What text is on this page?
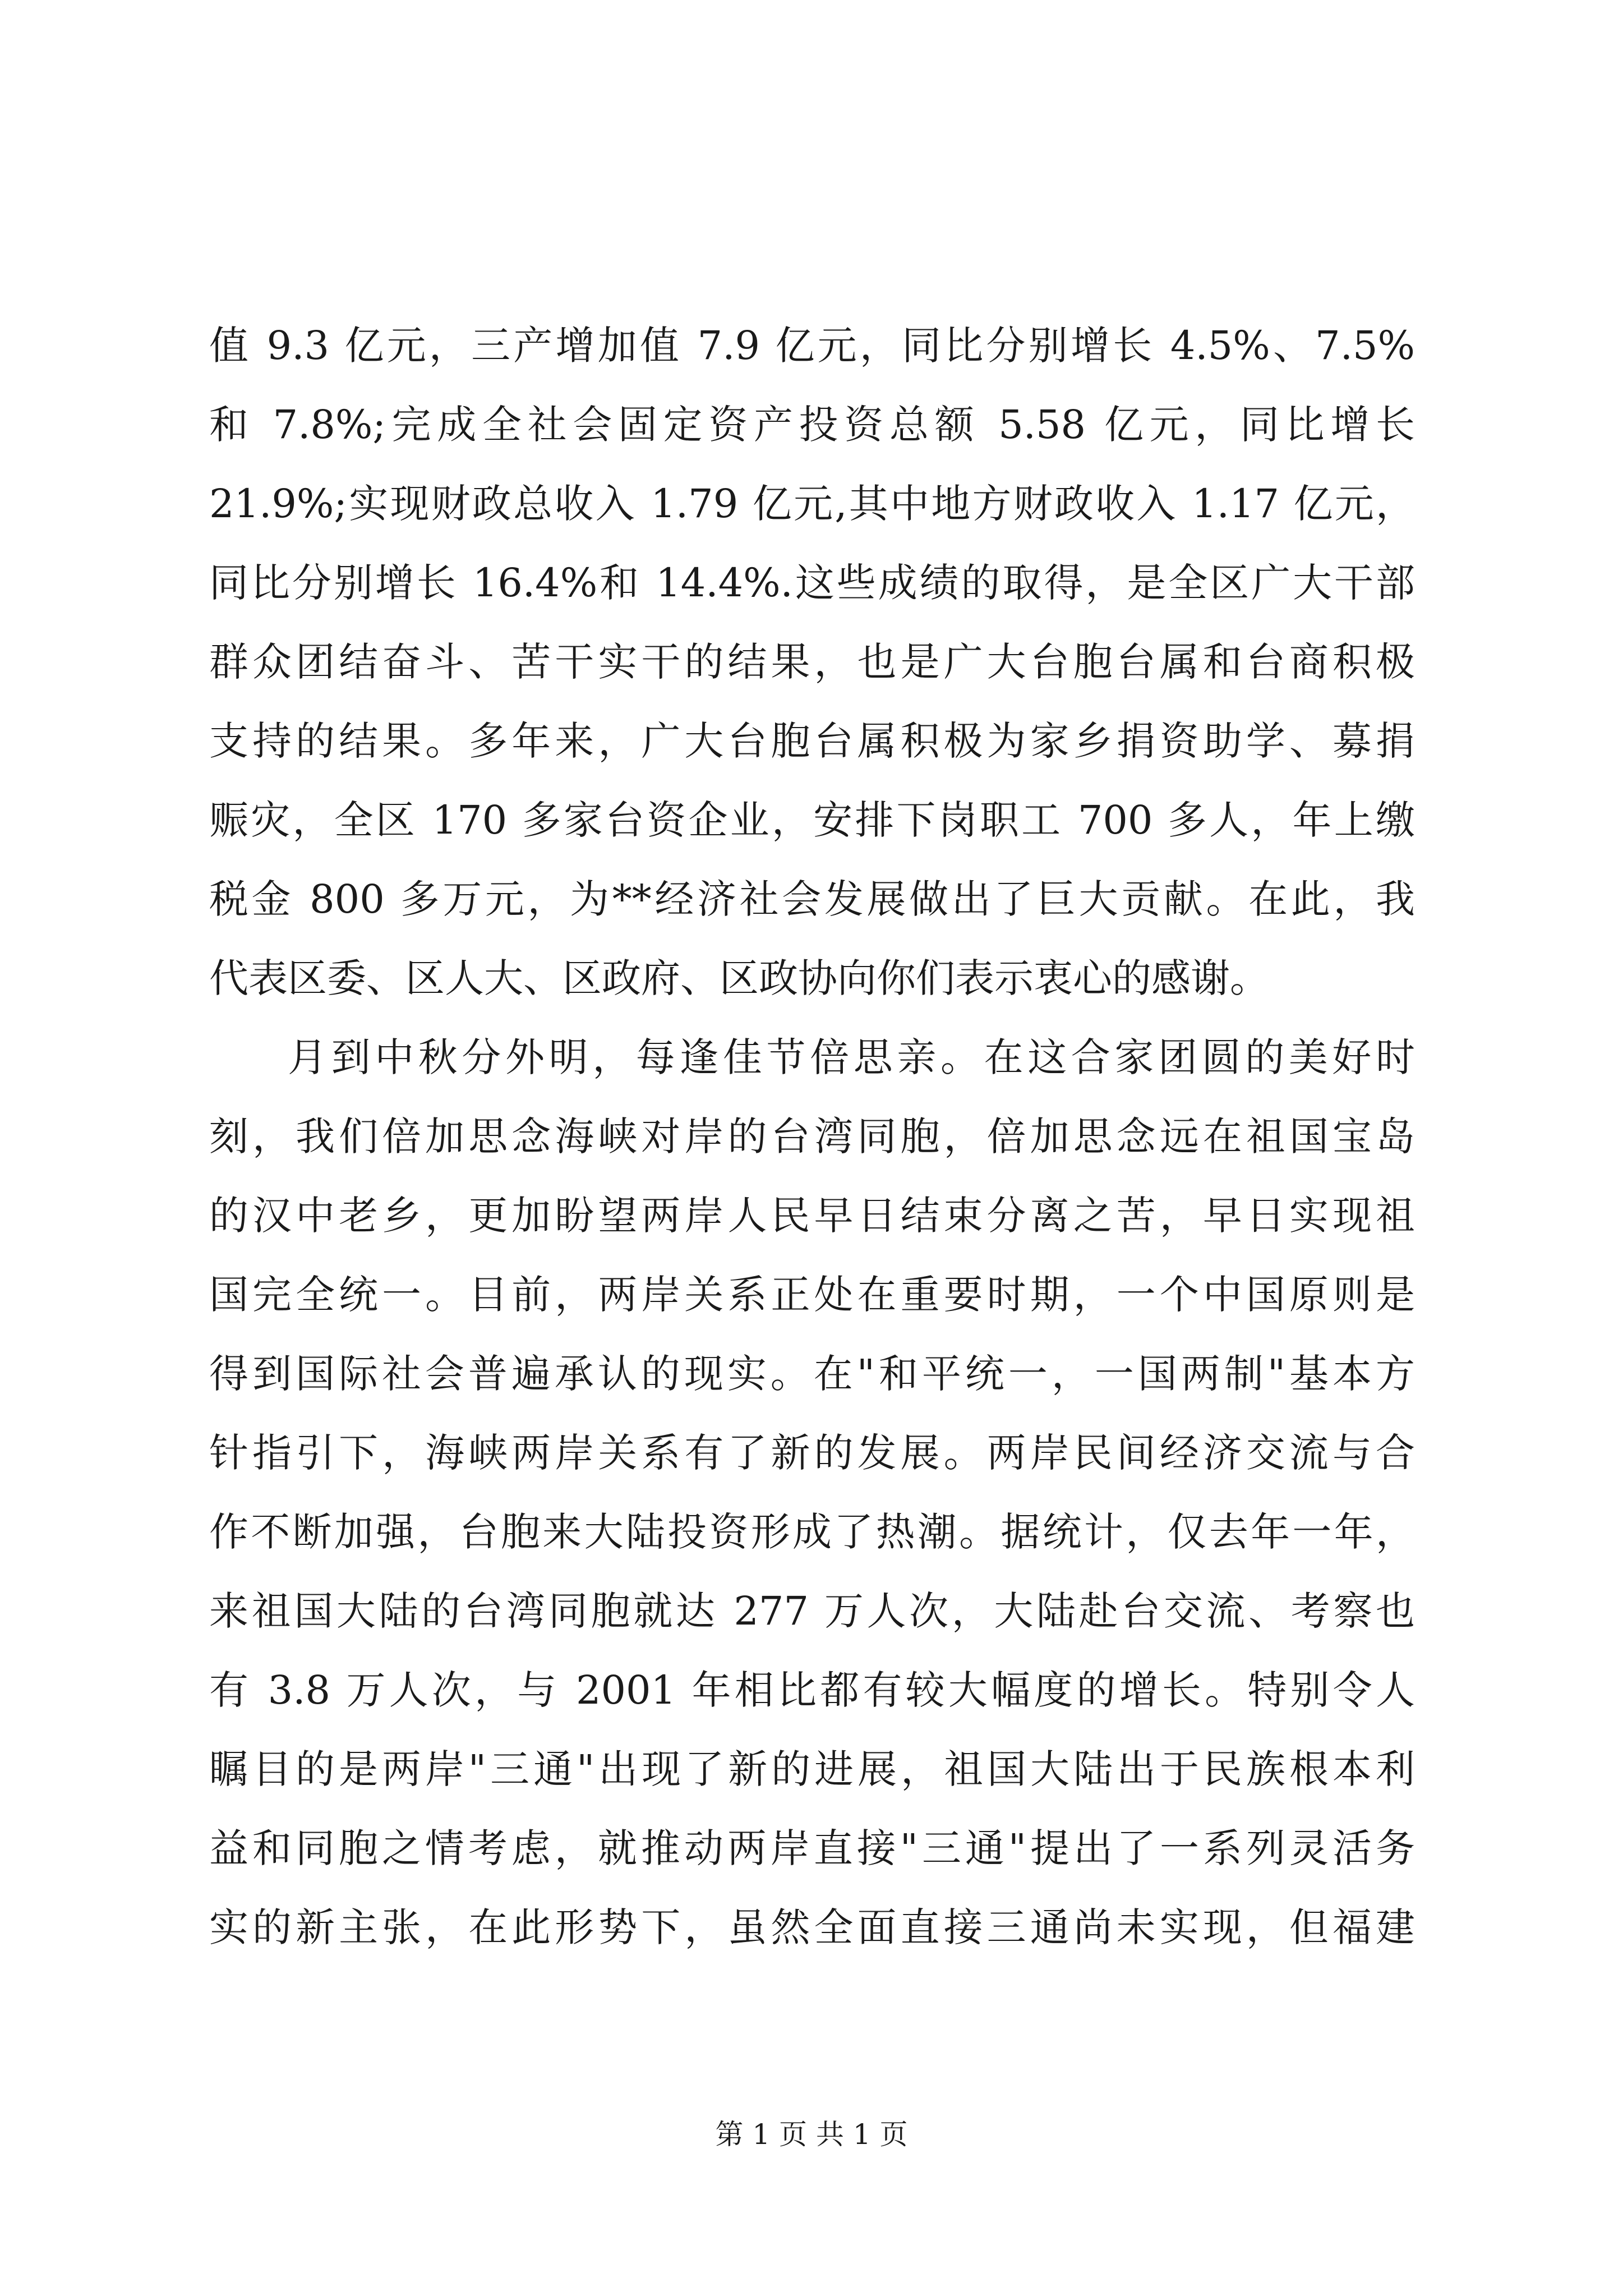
值 9.3 亿元，三产增加值 7.9 亿元，同比分别增长 4.5%、7.5%
和 7.8%;完成全社会固定资产投资总额 5.58 亿元，同比增长
21.9%;实现财政总收入 1.79 亿元,其中地方财政收入 1.17 亿元，
同比分别增长 16.4%和 14.4%.这些成绩的取得，是全区广大干部
群众团结奋斗、苦干实干的结果，也是广大台胞台属和台商积极
支持的结果。多年来，广大台胞台属积极为家乡捐资助学、募捐
赈灾，全区 170 多家台资企业，安排下岗职工 700 多人，年上缴
税金 800 多万元，为**经济社会发展做出了巨大贡献。在此，我
代表区委、区人大、区政府、区政协向你们表示衷心的感谢。
月到中秋分外明，每逢佳节倍思亲。在这合家团圆的美好时
刻，我们倍加思念海峡对岸的台湾同胞，倍加思念远在祖国宝岛
的汉中老乡，更加盼望两岸人民早日结束分离之苦，早日实现祖
国完全统一。目前，两岸关系正处在重要时期，一个中国原则是
得到国际社会普遍承认的现实。在"和平统一，一国两制"基本方
针指引下，海峡两岸关系有了新的发展。两岸民间经济交流与合
作不断加强，台胞来大陆投资形成了热潮。据统计，仅去年一年，
来祖国大陆的台湾同胞就达 277 万人次，大陆赴台交流、考察也
有 3.8 万人次，与 2001 年相比都有较大幅度的增长。特别令人
瞩目的是两岸"三通"出现了新的进展，祖国大陆出于民族根本利
益和同胞之情考虑，就推动两岸直接"三通"提出了一系列灵活务
实的新主张，在此形势下，虽然全面直接三通尚未实现，但福建
第 1 页 共 1 页
